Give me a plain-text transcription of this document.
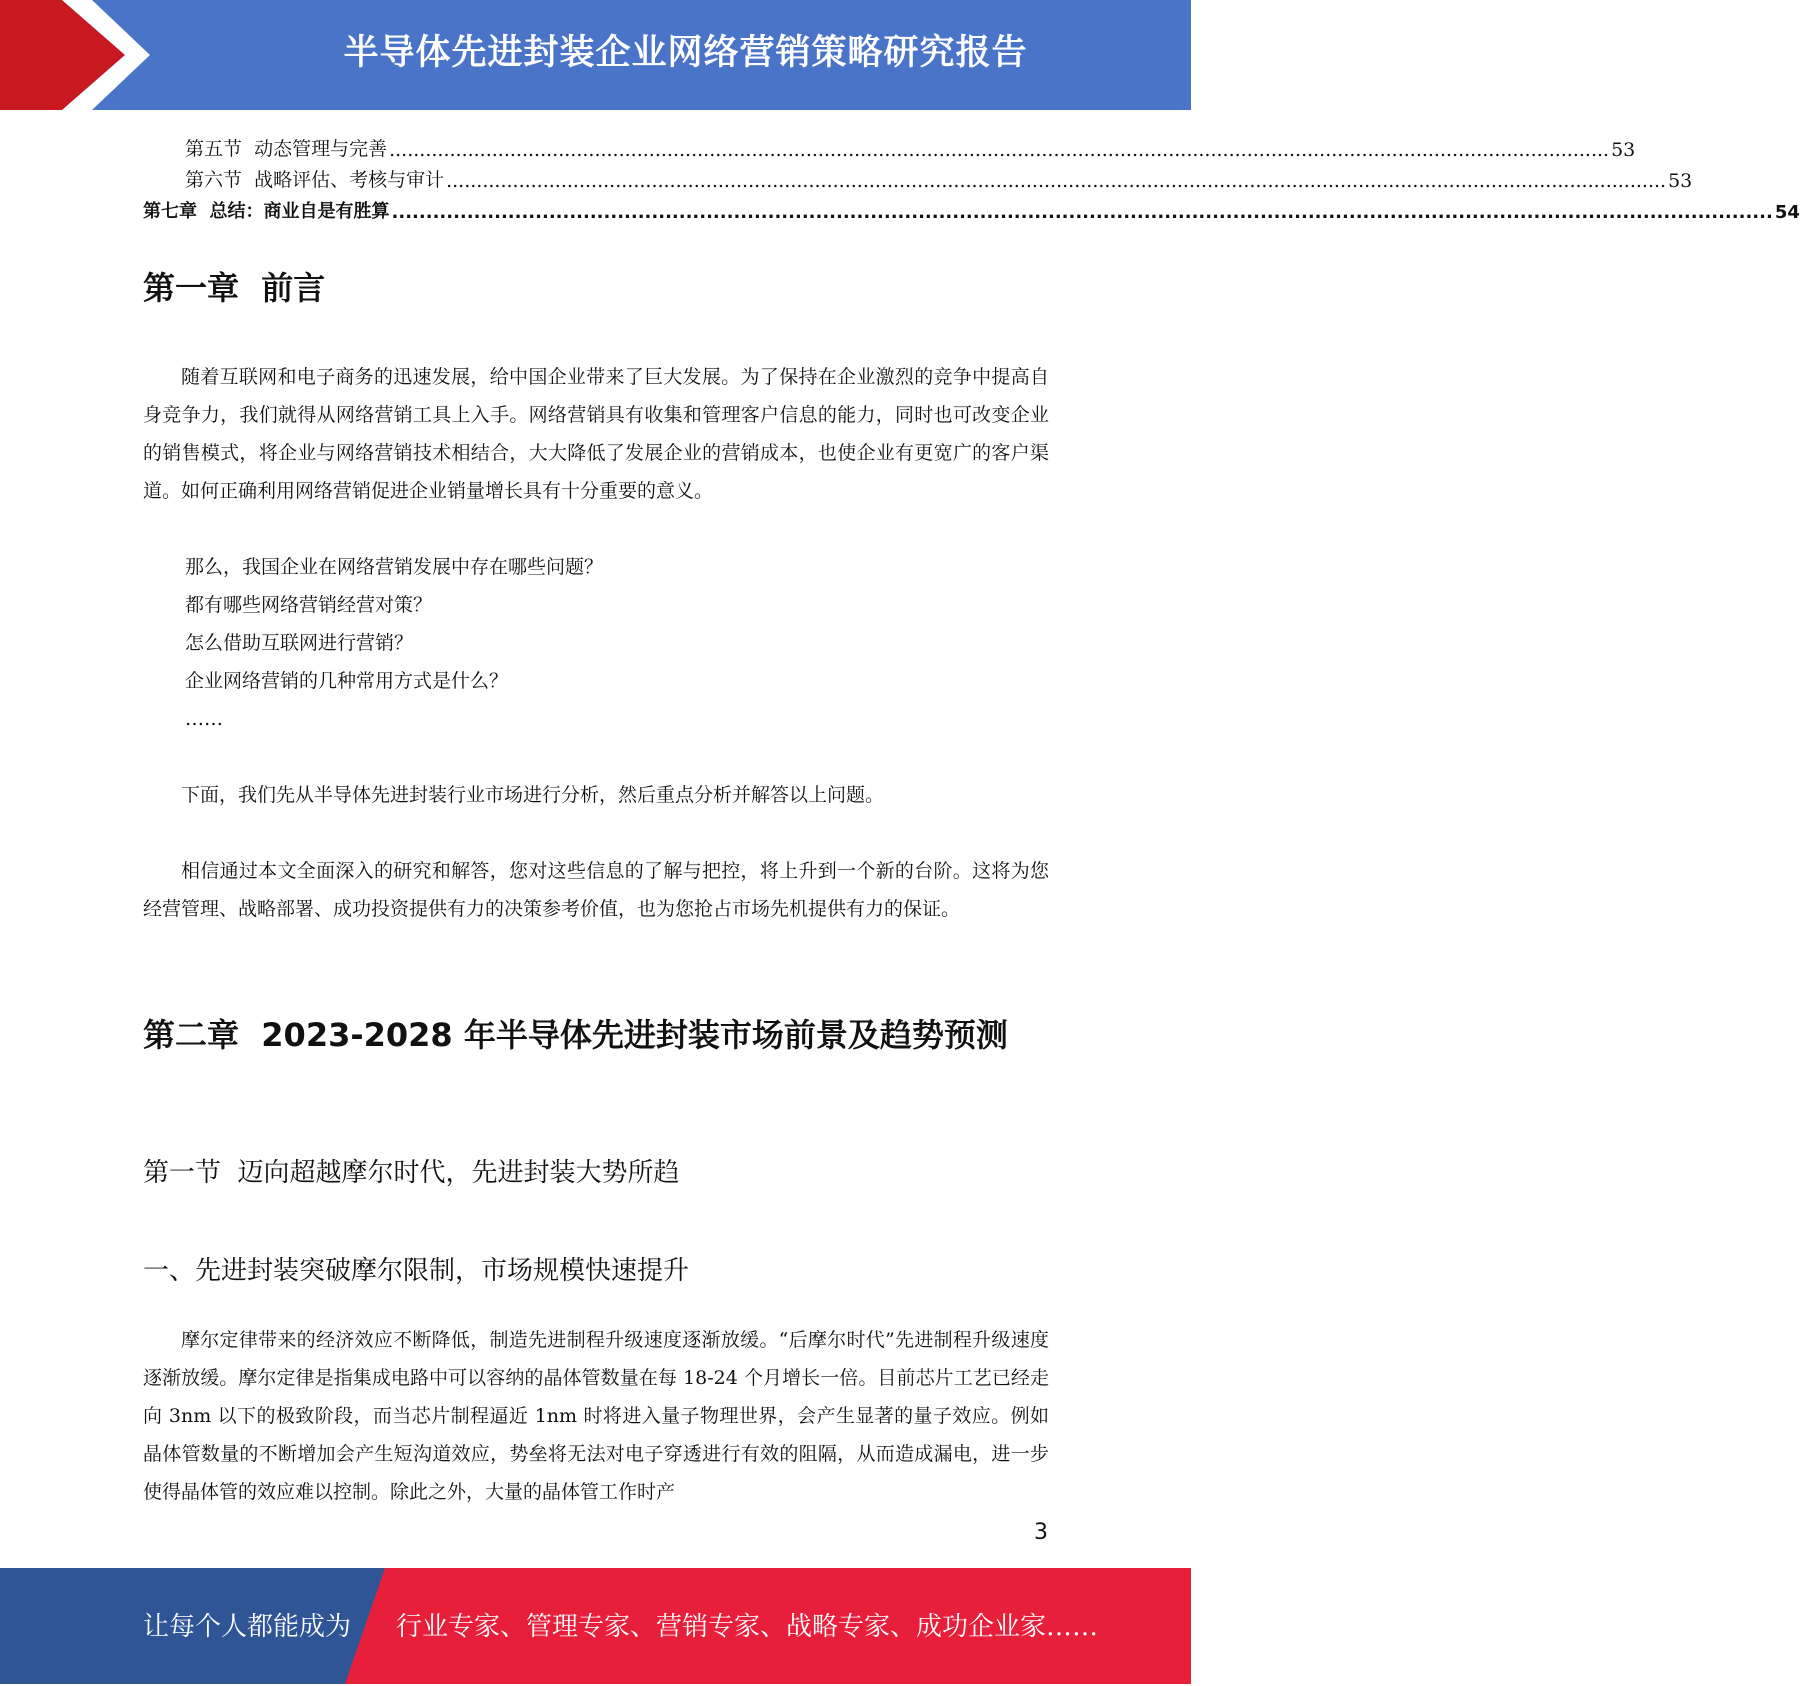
半导体先进封装企业网络营销策略研究报告
第五节  动态管理与完善 .......................................................................................................................................................................................................... 53
第六节  战略评估、考核与审计 .......................................................................................................................................................................................................... 53
第七章  总结：商业自是有胜算 .......................................................................................................................................................................................................... 54
第一章  前言

随着互联网和电子商务的迅速发展，给中国企业带来了巨大发展。为了保持在企业激烈的竞争中提高自身竞争力，我们就得从网络营销工具上入手。网络营销具有收集和管理客户信息的能力，同时也可改变企业的销售模式，将企业与网络营销技术相结合，大大降低了发展企业的营销成本，也使企业有更宽广的客户渠道。如何正确利用网络营销促进企业销量增长具有十分重要的意义。

那么，我国企业在网络营销发展中存在哪些问题？
都有哪些网络营销经营对策？
怎么借助互联网进行营销？
企业网络营销的几种常用方式是什么？
……

下面，我们先从半导体先进封装行业市场进行分析，然后重点分析并解答以上问题。

相信通过本文全面深入的研究和解答，您对这些信息的了解与把控，将上升到一个新的台阶。这将为您经营管理、战略部署、成功投资提供有力的决策参考价值，也为您抢占市场先机提供有力的保证。

第二章  2023-2028 年半导体先进封装市场前景及趋势预测
第一节  迈向超越摩尔时代，先进封装大势所趋
一、先进封装突破摩尔限制，市场规模快速提升

摩尔定律带来的经济效应不断降低，制造先进制程升级速度逐渐放缓。“后摩尔时代”先进制程升级速度逐渐放缓。摩尔定律是指集成电路中可以容纳的晶体管数量在每 18-24 个月增长一倍。目前芯片工艺已经走向 3nm 以下的极致阶段，而当芯片制程逼近 1nm 时将进入量子物理世界，会产生显著的量子效应。例如晶体管数量的不断增加会产生短沟道效应，势垒将无法对电子穿透进行有效的阻隔，从而造成漏电，进一步使得晶体管的效应难以控制。除此之外，大量的晶体管工作时产

3
让每个人都能成为 行业专家、管理专家、营销专家、战略专家、成功企业家……
